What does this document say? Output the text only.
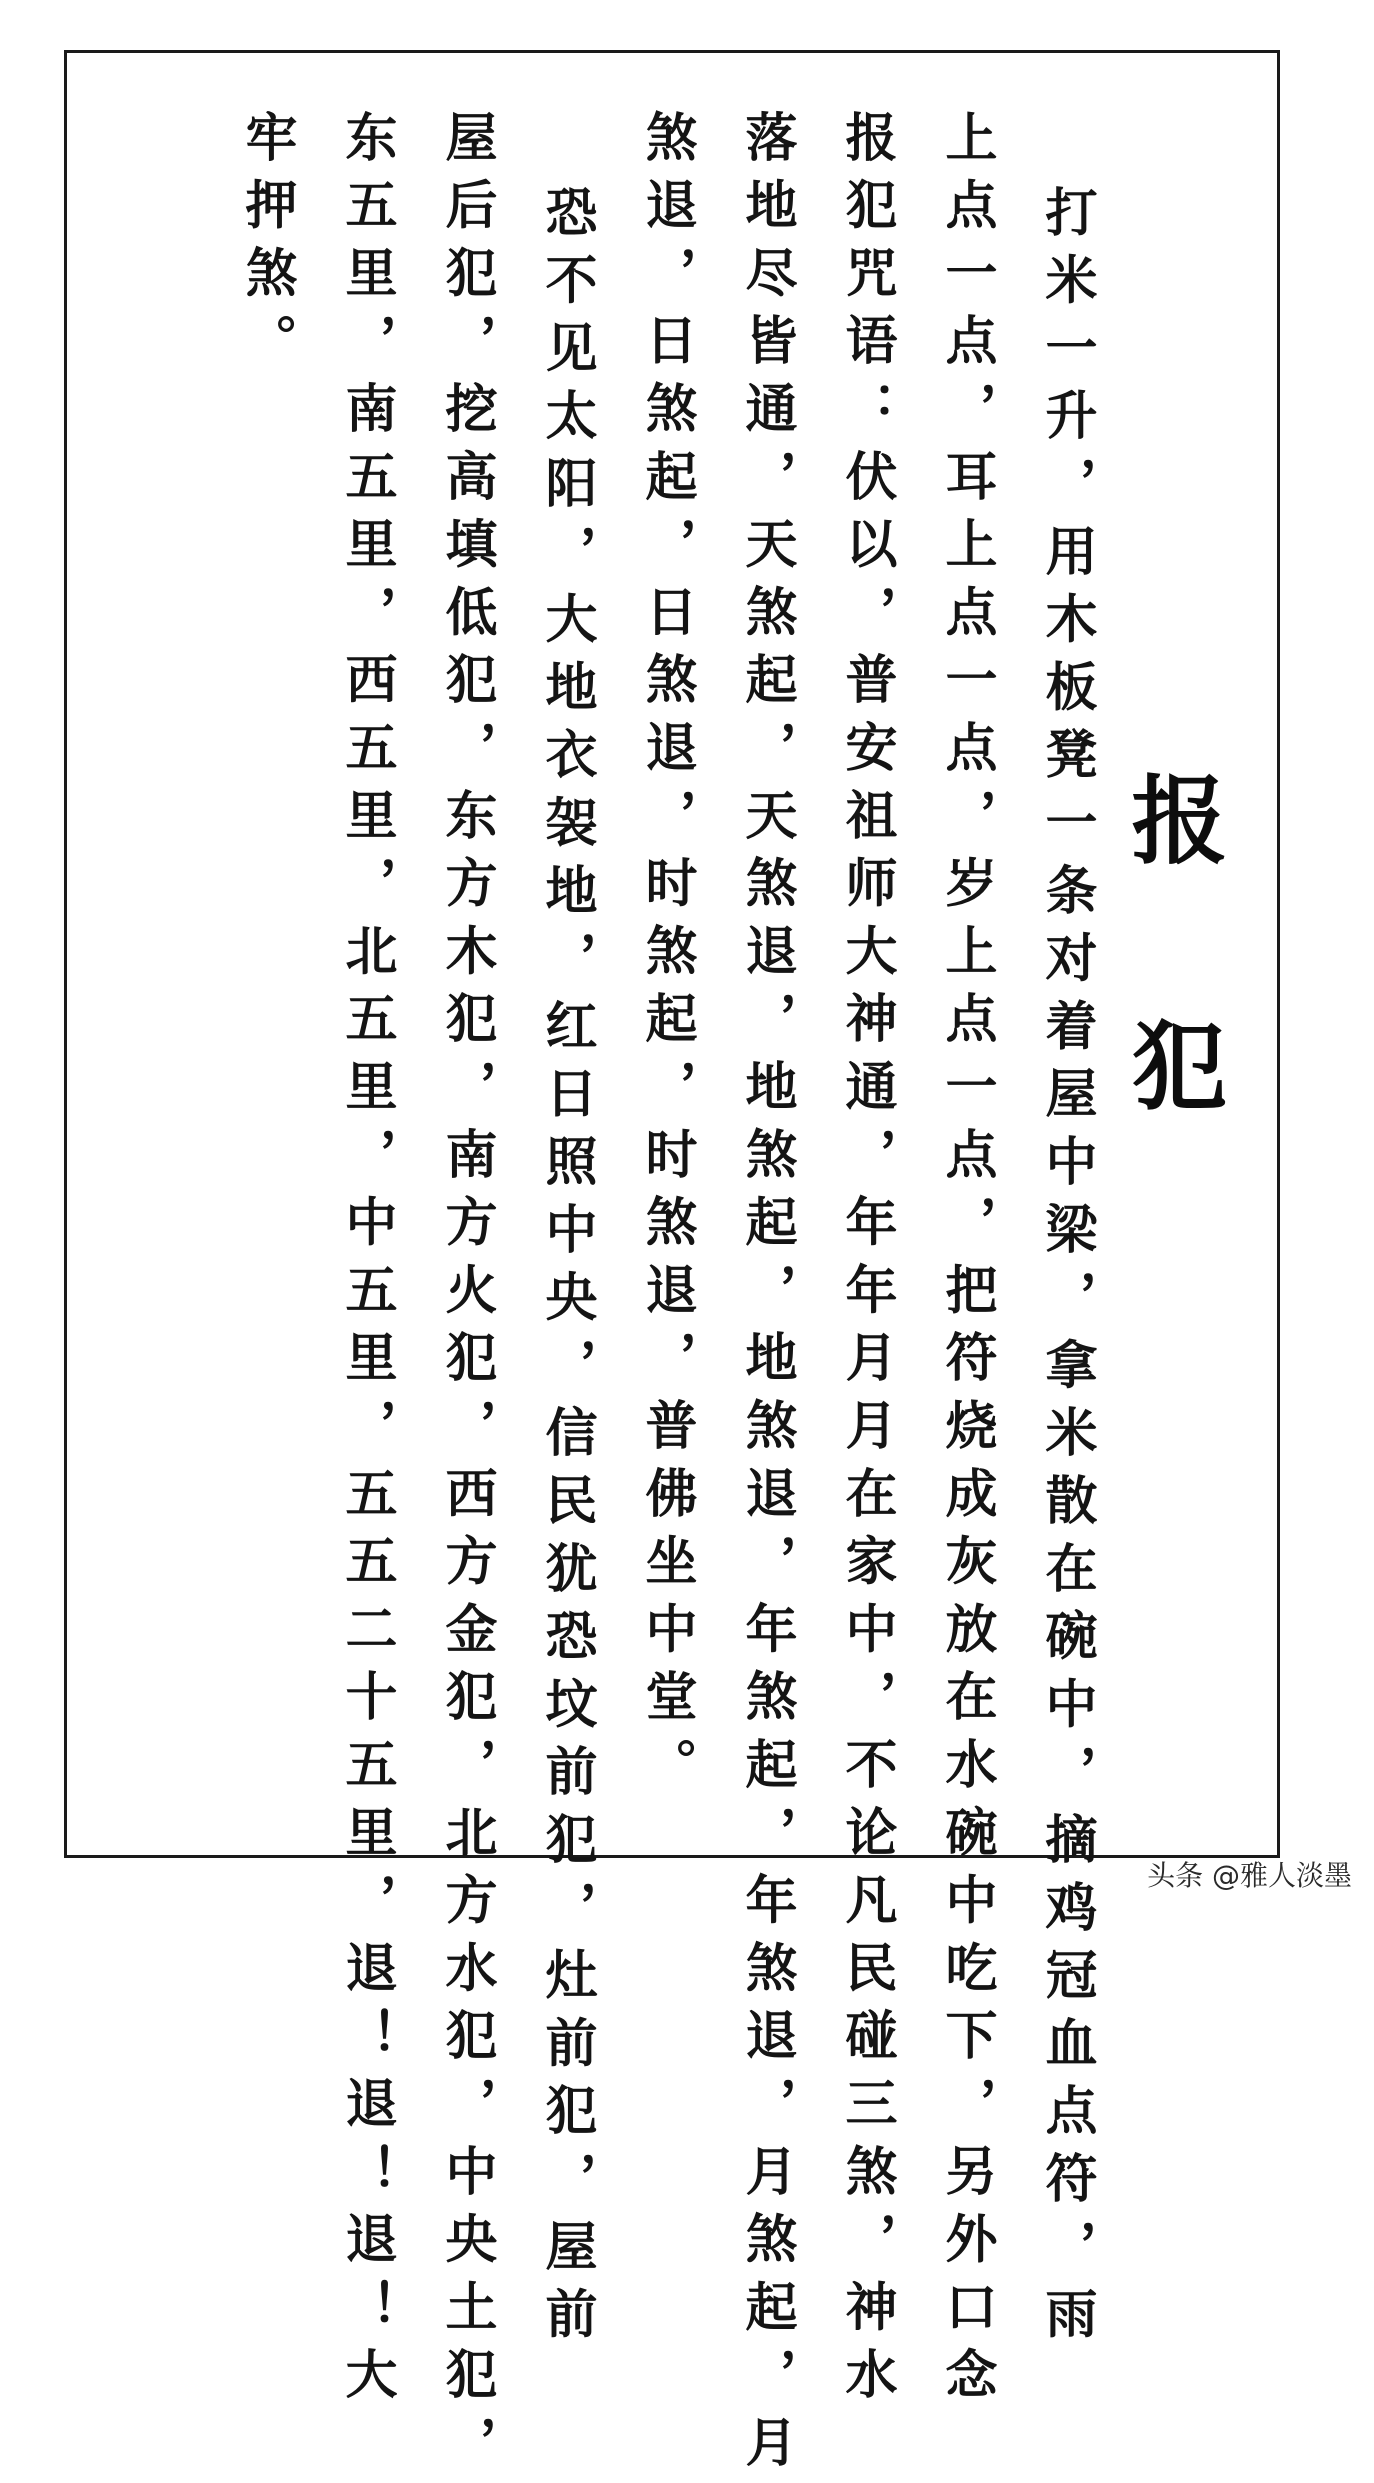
报犯
打米一升，用木板凳一条对着屋中梁，拿米散在碗中，摘鸡冠血点符，雨
上点一点，耳上点一点，岁上点一点，把符烧成灰放在水碗中吃下，另外口念
报犯咒语：伏以，普安祖师大神通，年年月月在家中，不论凡民碰三煞，神水
落地尽皆通，天煞起，天煞退，地煞起，地煞退，年煞起，年煞退，月煞起，月
煞退，日煞起，日煞退，时煞起，时煞退，普佛坐中堂。
恐不见太阳，大地衣袈地，红日照中央，信民犹恐坟前犯，灶前犯，屋前
屋后犯，挖高填低犯，东方木犯，南方火犯，西方金犯，北方水犯，中央土犯，
东五里，南五里，西五里，北五里，中五里，五五二十五里，退！退！退！大
牢押煞。
头条 @雅人淡墨
